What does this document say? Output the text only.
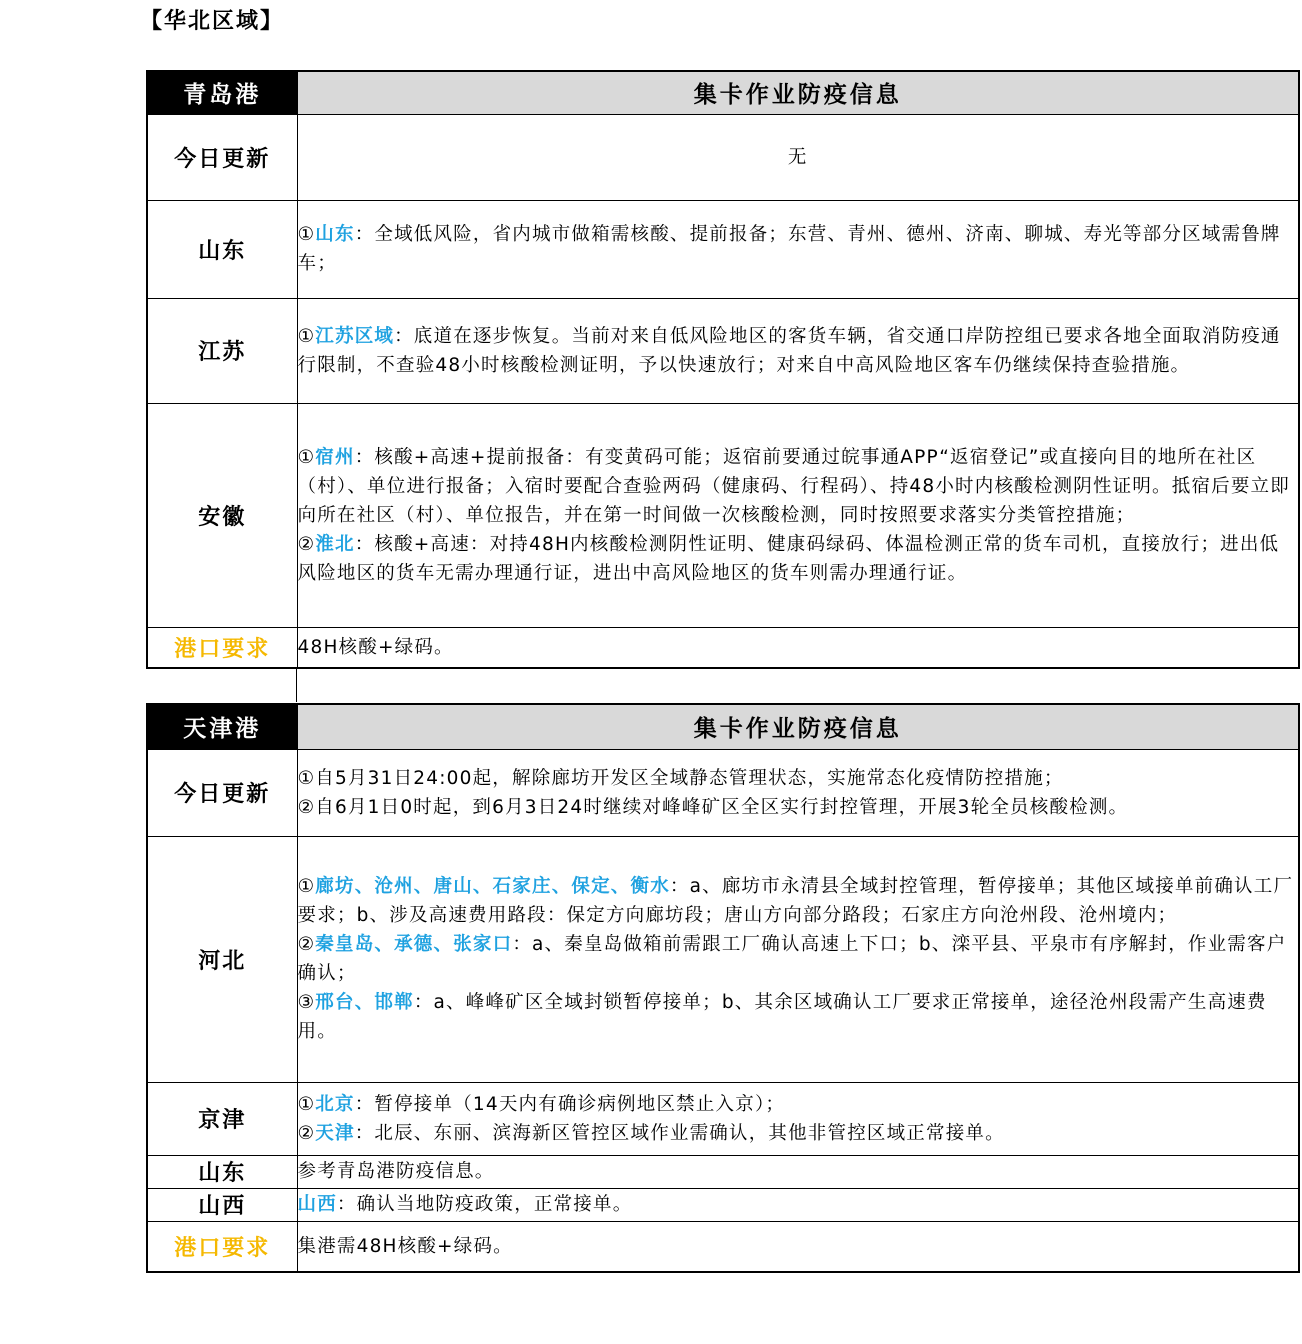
【华北区域】
青岛港	集卡作业防疫信息
今日更新	无
山东	①山东：全域低风险，省内城市做箱需核酸、提前报备；东营、青州、德州、济南、聊城、寿光等部分区域需鲁牌车；
江苏	①江苏区域：底道在逐步恢复。当前对来自低风险地区的客货车辆，省交通口岸防控组已要求各地全面取消防疫通行限制，不查验48小时核酸检测证明，予以快速放行；对来自中高风险地区客车仍继续保持查验措施。
安徽	①宿州：核酸+高速+提前报备：有变黄码可能；返宿前要通过皖事通APP“返宿登记”或直接向目的地所在社区（村）、单位进行报备；入宿时要配合查验两码（健康码、行程码）、持48小时内核酸检测阴性证明。抵宿后要立即向所在社区（村）、单位报告，并在第一时间做一次核酸检测，同时按照要求落实分类管控措施；
②淮北：核酸+高速：对持48H内核酸检测阴性证明、健康码绿码、体温检测正常的货车司机，直接放行；进出低风险地区的货车无需办理通行证，进出中高风险地区的货车则需办理通行证。
港口要求	48H核酸+绿码。
天津港	集卡作业防疫信息
今日更新	①自5月31日24:00起，解除廊坊开发区全域静态管理状态，实施常态化疫情防控措施；
②自6月1日0时起，到6月3日24时继续对峰峰矿区全区实行封控管理，开展3轮全员核酸检测。
河北	①廊坊、沧州、唐山、石家庄、保定、衡水：a、廊坊市永清县全域封控管理，暂停接单；其他区域接单前确认工厂要求；b、涉及高速费用路段：保定方向廊坊段；唐山方向部分路段；石家庄方向沧州段、沧州境内；
②秦皇岛、承德、张家口：a、秦皇岛做箱前需跟工厂确认高速上下口；b、滦平县、平泉市有序解封，作业需客户确认；
③邢台、邯郸：a、峰峰矿区全域封锁暂停接单；b、其余区域确认工厂要求正常接单，途径沧州段需产生高速费用。
京津	①北京：暂停接单（14天内有确诊病例地区禁止入京）；
②天津：北辰、东丽、滨海新区管控区域作业需确认，其他非管控区域正常接单。
山东	参考青岛港防疫信息。
山西	山西：确认当地防疫政策，正常接单。
港口要求	集港需48H核酸+绿码。
